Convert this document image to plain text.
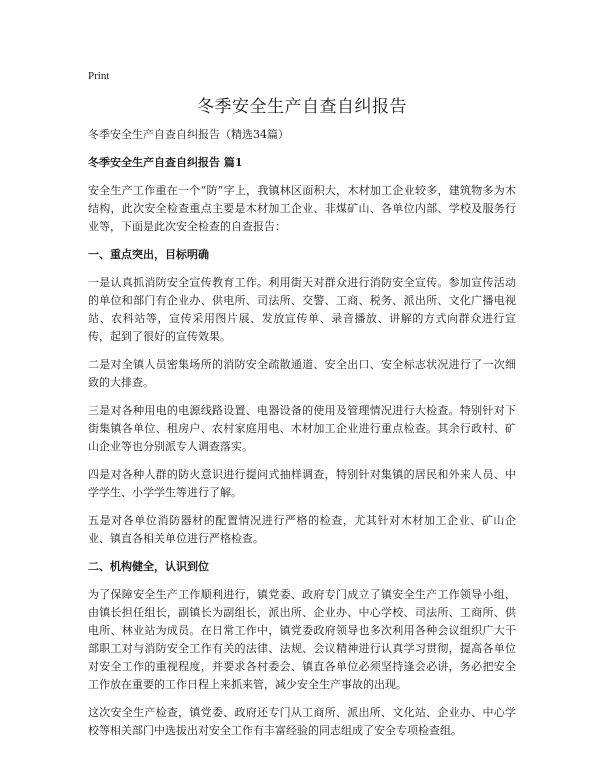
Print
冬季安全生产自查自纠报告

冬季安全生产自查自纠报告（精选34篇）

冬季安全生产自查自纠报告 篇1

安全生产工作重在一个“防”字上，我镇林区面积大，木材加工企业较多，建筑物多为木结构，此次安全检查重点主要是木材加工企业、非煤矿山、各单位内部、学校及服务行业等，下面是此次安全检查的自查报告：

一、重点突出，目标明确

一是认真抓消防安全宣传教育工作。利用街天对群众进行消防安全宣传。参加宣传活动的单位和部门有企业办、供电所、司法所、交警、工商、税务、派出所、文化广播电视站、农科站等，宣传采用图片展、发放宣传单、录音播放、讲解的方式向群众进行宣传，起到了很好的宣传效果。

二是对全镇人员密集场所的消防安全疏散通道、安全出口、安全标志状况进行了一次细致的大排查。

三是对各种用电的电源线路设置、电器设备的使用及管理情况进行大检查。特别针对下街集镇各单位、租房户、农村家庭用电、木材加工企业进行重点检查。其余行政村、矿山企业等也分别派专人调查落实。

四是对各种人群的防火意识进行提问式抽样调查，特别针对集镇的居民和外来人员、中学学生、小学学生等进行了解。

五是对各单位消防器材的配置情况进行严格的检查，尤其针对木材加工企业、矿山企业、镇直各相关单位进行严格检查。

二、机构健全，认识到位

为了保障安全生产工作顺利进行，镇党委、政府专门成立了镇安全生产工作领导小组，由镇长担任组长，副镇长为副组长，派出所、企业办、中心学校、司法所、工商所、供电所、林业站为成员。在日常工作中，镇党委政府领导也多次利用各种会议组织广大干部职工对与消防安全工作有关的法律、法规、会议精神进行认真学习贯彻，提高各单位对安全工作的重视程度，并要求各村委会、镇直各单位必须坚持逢会必讲，务必把安全工作放在重要的工作日程上来抓来管，减少安全生产事故的出现。

这次安全生产检查，镇党委、政府还专门从工商所、派出所、文化站、企业办、中心学校等相关部门中选拔出对安全工作有丰富经验的同志组成了安全专项检查组。
